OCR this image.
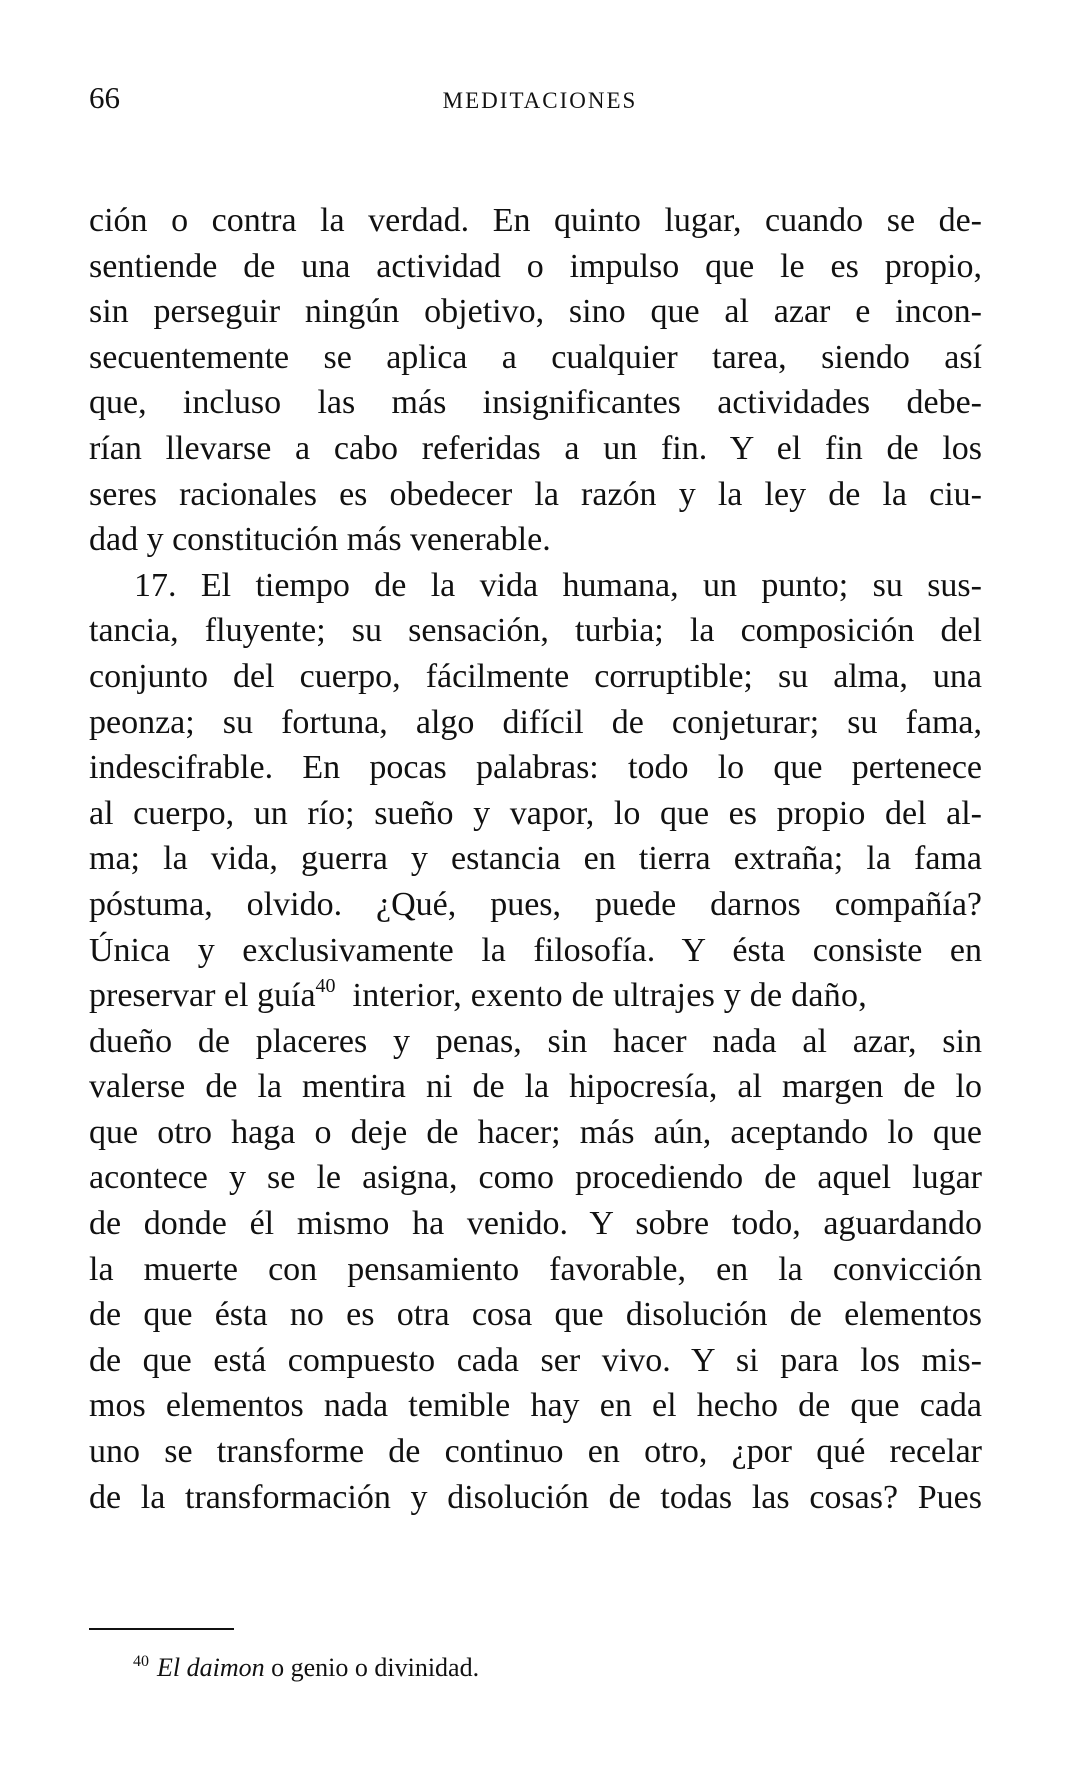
66	MEDITACIONES
ción o contra la verdad. En quinto lugar, cuando se de-
sentiende de una actividad o impulso que le es propio,
sin perseguir ningún objetivo, sino que al azar e incon-
secuentemente se aplica a cualquier tarea, siendo así
que, incluso las más insignificantes actividades debe-
rían llevarse a cabo referidas a un fin. Y el fin de los
seres racionales es obedecer la razón y la ley de la ciu-
dad y constitución más venerable.
17. El tiempo de la vida humana, un punto; su sus-
tancia, fluyente; su sensación, turbia; la composición del
conjunto del cuerpo, fácilmente corruptible; su alma, una
peonza; su fortuna, algo difícil de conjeturar; su fama,
indescifrable. En pocas palabras: todo lo que pertenece
al cuerpo, un río; sueño y vapor, lo que es propio del al-
ma; la vida, guerra y estancia en tierra extraña; la fama
póstuma, olvido. ¿Qué, pues, puede darnos compañía?
Única y exclusivamente la filosofía. Y ésta consiste en
preservar el guía$^{40}$  interior, exento de ultrajes y de daño,
dueño de placeres y penas, sin hacer nada al azar, sin
valerse de la mentira ni de la hipocresía, al margen de lo
que otro haga o deje de hacer; más aún, aceptando lo que
acontece y se le asigna, como procediendo de aquel lugar
de donde él mismo ha venido. Y sobre todo, aguardando
la muerte con pensamiento favorable, en la convicción
de que ésta no es otra cosa que disolución de elementos
de que está compuesto cada ser vivo. Y si para los mis-
mos elementos nada temible hay en el hecho de que cada
uno se transforme de continuo en otro, ¿por qué recelar
de la transformación y disolución de todas las cosas? Pues
$^{40}$ El daimon o genio o divinidad.
